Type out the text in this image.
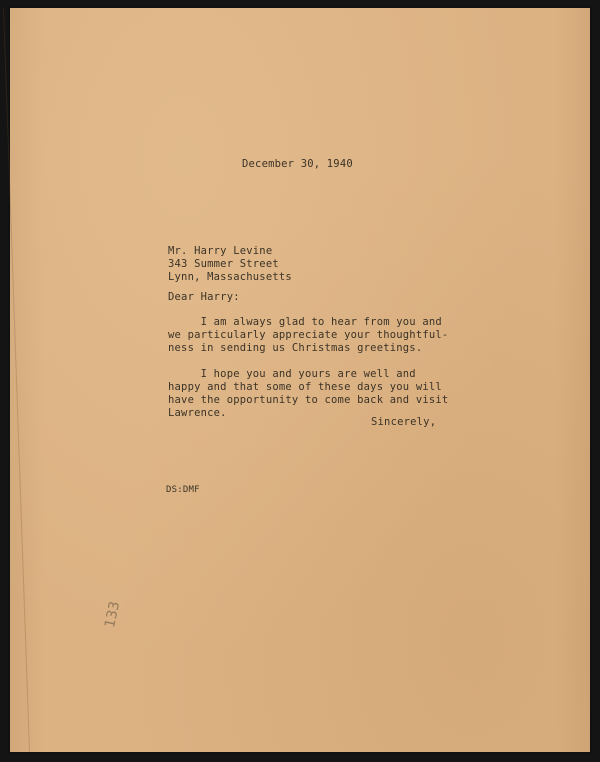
December 30, 1940

Mr. Harry Levine
343 Summer Street
Lynn, Massachusetts

Dear Harry:

I am always glad to hear from you and
we particularly appreciate your thoughtful-
ness in sending us Christmas greetings.
I hope you and yours are well and
happy and that some of these days you will
have the opportunity to come back and visit
Lawrence.

Sincerely,

DS:DMF

133
